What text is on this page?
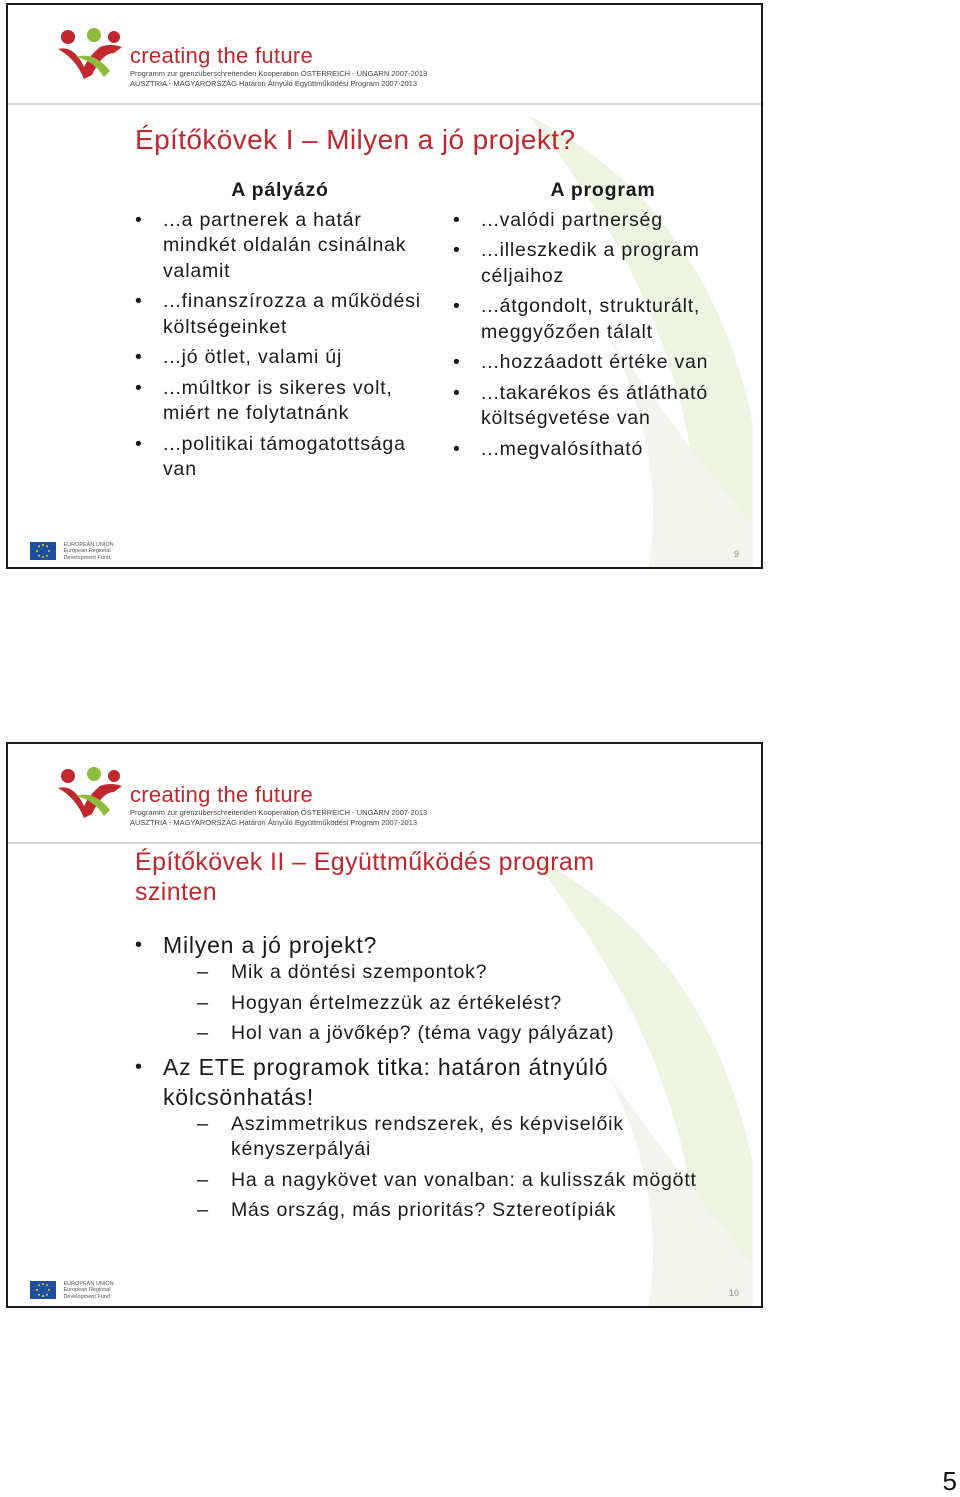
creating the future
Programm zur grenzüberschreitenden Kooperation ÖSTERREICH - UNGARN 2007-2013
AUSZTRIA - MAGYARORSZÁG Határon Átnyúló Együttműködési Program 2007-2013
Építőkövek I – Milyen a jó projekt?
A pályázó
• ...a partnerek a határ mindkét oldalán csinálnak valamit
• ...finanszírozza a működési költségeinket
• ...jó ötlet, valami új
• ...múltkor is sikeres volt, miért ne folytatnánk
• ...politikai támogatottsága van
A program
• ...valódi partnerség
• ...illeszkedik a program céljaihoz
• ...átgondolt, strukturált, meggyőzően tálalt
• ...hozzáadott értéke van
• ...takarékos és átlátható költségvetése van
• ...megvalósítható

EUROPEAN UNION
European Regional
Development Fund	9
creating the future
Programm zur grenzüberschreitenden Kooperation ÖSTERREICH - UNGARN 2007-2013
AUSZTRIA - MAGYARORSZÁG Határon Átnyúló Együttműködési Program 2007-2013
Építőkövek II – Együttműködés program
szinten
• Milyen a jó projekt?
– Mik a döntési szempontok?
– Hogyan értelmezzük az értékelést?
– Hol van a jövőkép? (téma vagy pályázat)
• Az ETE programok titka: határon átnyúló kölcsönhatás!
– Aszimmetrikus rendszerek, és képviselőik kényszerpályái
– Ha a nagykövet van vonalban: a kulisszák mögött
– Más ország, más prioritás? Sztereotípiák

EUROPEAN UNION
European Regional
Development Fund	10
5
